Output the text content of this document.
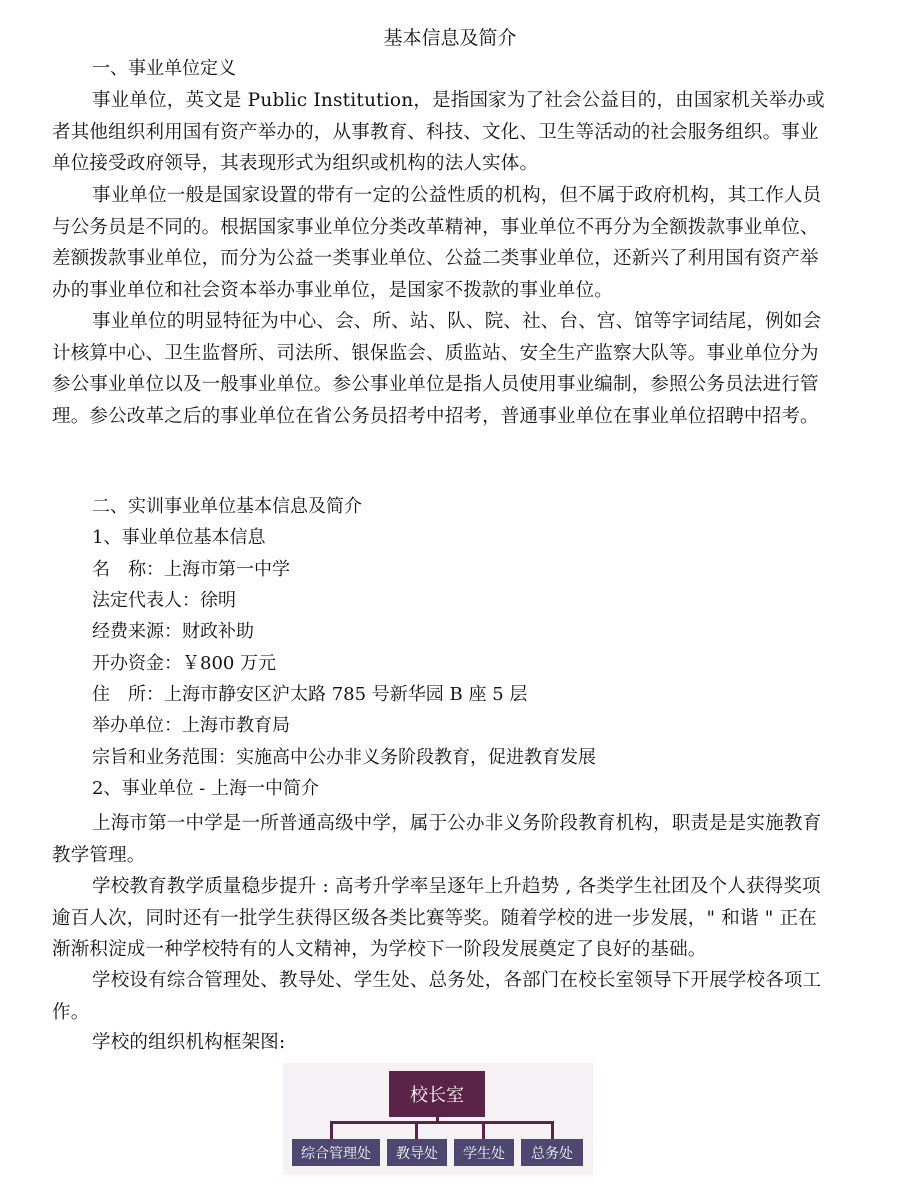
基本信息及简介
一、事业单位定义
事业单位，英文是 Public Institution，是指国家为了社会公益目的，由国家机关举办或者其他组织利用国有资产举办的，从事教育、科技、文化、卫生等活动的社会服务组织。事业单位接受政府领导，其表现形式为组织或机构的法人实体。
事业单位一般是国家设置的带有一定的公益性质的机构，但不属于政府机构，其工作人员与公务员是不同的。根据国家事业单位分类改革精神，事业单位不再分为全额拨款事业单位、差额拨款事业单位，而分为公益一类事业单位、公益二类事业单位，还新兴了利用国有资产举办的事业单位和社会资本举办事业单位，是国家不拨款的事业单位。
事业单位的明显特征为中心、会、所、站、队、院、社、台、宫、馆等字词结尾，例如会计核算中心、卫生监督所、司法所、银保监会、质监站、安全生产监察大队等。事业单位分为参公事业单位以及一般事业单位。参公事业单位是指人员使用事业编制，参照公务员法进行管理。参公改革之后的事业单位在省公务员招考中招考，普通事业单位在事业单位招聘中招考。
二、实训事业单位基本信息及简介
1、事业单位基本信息
名　称：上海市第一中学
法定代表人：徐明
经费来源：财政补助
开办资金：￥800 万元
住　所：上海市静安区沪太路 785 号新华园 B 座 5 层
举办单位：上海市教育局
宗旨和业务范围：实施高中公办非义务阶段教育，促进教育发展
2、事业单位 - 上海一中简介
上海市第一中学是一所普通高级中学，属于公办非义务阶段教育机构，职责是是实施教育教学管理。
学校教育教学质量稳步提升 : 高考升学率呈逐年上升趋势 , 各类学生社团及个人获得奖项逾百人次，同时还有一批学生获得区级各类比赛等奖。随着学校的进一步发展，" 和谐 " 正在渐渐积淀成一种学校特有的人文精神，为学校下一阶段发展奠定了良好的基础。
学校设有综合管理处、教导处、学生处、总务处，各部门在校长室领导下开展学校各项工作。
学校的组织机构框架图:
校长室
综合管理处	教导处	学生处	总务处
